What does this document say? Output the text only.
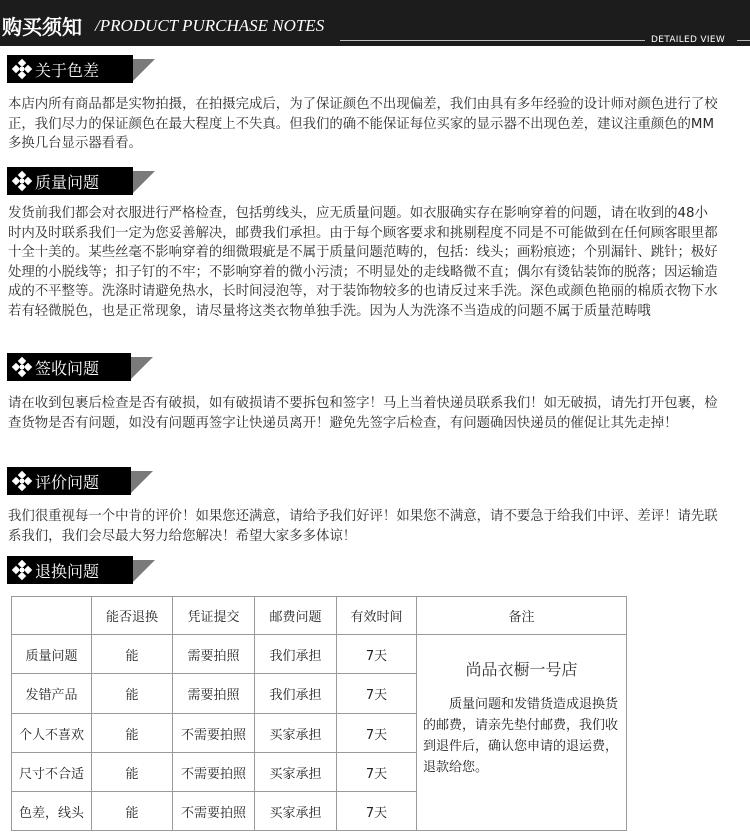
购买须知 /PRODUCT PURCHASE NOTES
DETAILED VIEW
关于色差
本店内所有商品都是实物拍摄，在拍摄完成后，为了保证颜色不出现偏差，我们由具有多年经验的设计师对颜色进行了校正，我们尽力的保证颜色在最大程度上不失真。但我们的确不能保证每位买家的显示器不出现色差，建议注重颜色的MM多换几台显示器看看。
质量问题
发货前我们都会对衣服进行严格检查，包括剪线头，应无质量问题。如衣服确实存在影响穿着的问题，请在收到的48小时内及时联系我们一定为您妥善解决，邮费我们承担。由于每个顾客要求和挑剔程度不同是不可能做到在任何顾客眼里都十全十美的。某些丝毫不影响穿着的细微瑕疵是不属于质量问题范畴的，包括：线头；画粉痕迹；个别漏针、跳针；极好处理的小脱线等；扣子钉的不牢；不影响穿着的微小污渍；不明显处的走线略微不直；偶尔有烫钻装饰的脱落；因运输造成的不平整等。洗涤时请避免热水，长时间浸泡等，对于装饰物较多的也请反过来手洗。深色或颜色艳丽的棉质衣物下水若有轻微脱色，也是正常现象，请尽量将这类衣物单独手洗。因为人为洗涤不当造成的问题不属于质量范畴哦
签收问题
请在收到包裹后检查是否有破损，如有破损请不要拆包和签字！马上当着快递员联系我们！如无破损，请先打开包裹，检查货物是否有问题，如没有问题再签字让快递员离开！避免先签字后检查，有问题确因快递员的催促让其先走掉！
评价问题
我们很重视每一个中肯的评价！如果您还满意，请给予我们好评！如果您不满意，请不要急于给我们中评、差评！请先联系我们，我们会尽最大努力给您解决！希望大家多多体谅！
退换问题
	能否退换	凭证提交	邮费问题	有效时间	备注
质量问题	能	需要拍照	我们承担	7天	尚品衣橱一号店
质量问题和发错货造成退换货的邮费，请亲先垫付邮费，我们收到退件后，确认您申请的退运费，退款给您。

发错产品	能	需要拍照	我们承担	7天	
个人不喜欢	能	不需要拍照	买家承担	7天	
尺寸不合适	能	不需要拍照	买家承担	7天	
色差，线头	能	不需要拍照	买家承担	7天	
